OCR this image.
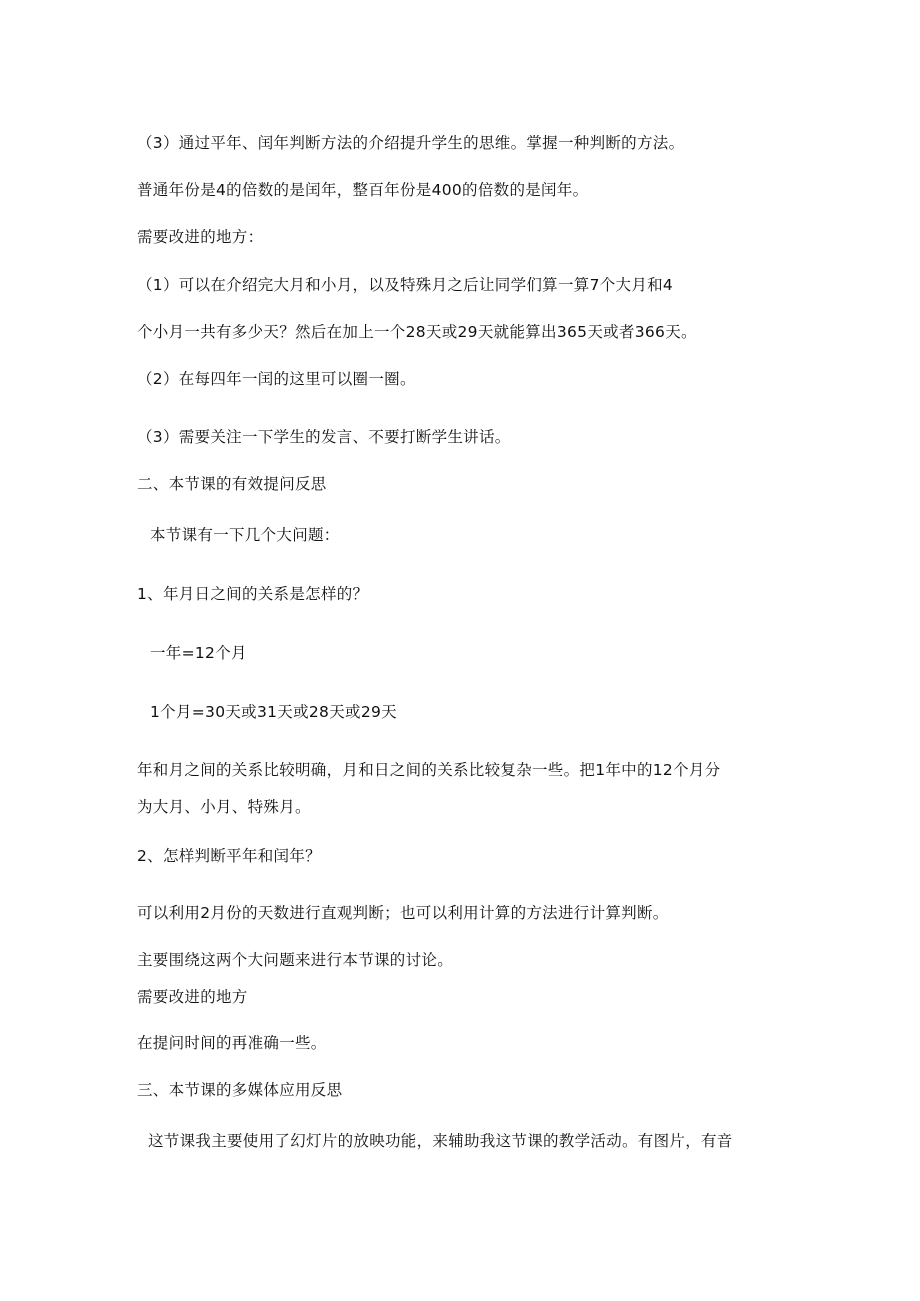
（3）通过平年、闰年判断方法的介绍提升学生的思维。掌握一种判断的方法。
普通年份是4的倍数的是闰年，整百年份是400的倍数的是闰年。
需要改进的地方：
（1）可以在介绍完大月和小月，以及特殊月之后让同学们算一算7个大月和4
个小月一共有多少天？然后在加上一个28天或29天就能算出365天或者366天。
（2）在每四年一闰的这里可以圈一圈。
（3）需要关注一下学生的发言、不要打断学生讲话。
二、本节课的有效提问反思
本节课有一下几个大问题：
1、年月日之间的关系是怎样的？
一年=12个月
1个月=30天或31天或28天或29天
年和月之间的关系比较明确，月和日之间的关系比较复杂一些。把1年中的12个月分
为大月、小月、特殊月。
2、怎样判断平年和闰年？
可以利用2月份的天数进行直观判断；也可以利用计算的方法进行计算判断。
主要围绕这两个大问题来进行本节课的讨论。
需要改进的地方
在提问时间的再准确一些。
三、本节课的多媒体应用反思
这节课我主要使用了幻灯片的放映功能，来辅助我这节课的教学活动。有图片，有音
